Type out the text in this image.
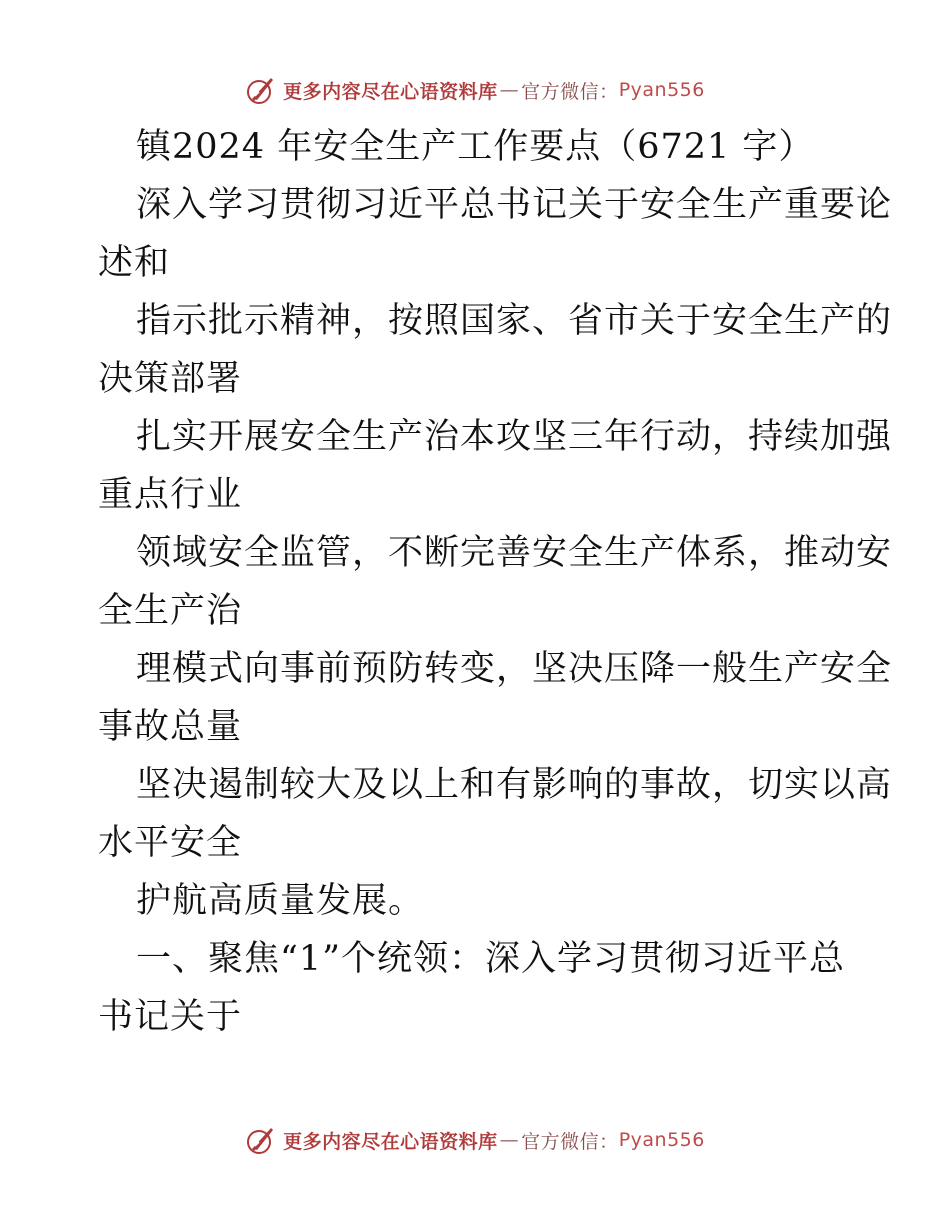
更多内容尽在心语资料库 — 官方微信： Pyan556
镇2024 年安全生产工作要点（6721 字）
深入学习贯彻习近平总书记关于安全生产重要论
述和
指示批示精神，按照国家、省市关于安全生产的
决策部署
扎实开展安全生产治本攻坚三年行动，持续加强
重点行业
领域安全监管，不断完善安全生产体系，推动安
全生产治
理模式向事前预防转变，坚决压降一般生产安全
事故总量
坚决遏制较大及以上和有影响的事故，切实以高
水平安全
护航高质量发展。
一、聚焦“1”个统领：深入学习贯彻习近平总
书记关于
更多内容尽在心语资料库 — 官方微信： Pyan556
